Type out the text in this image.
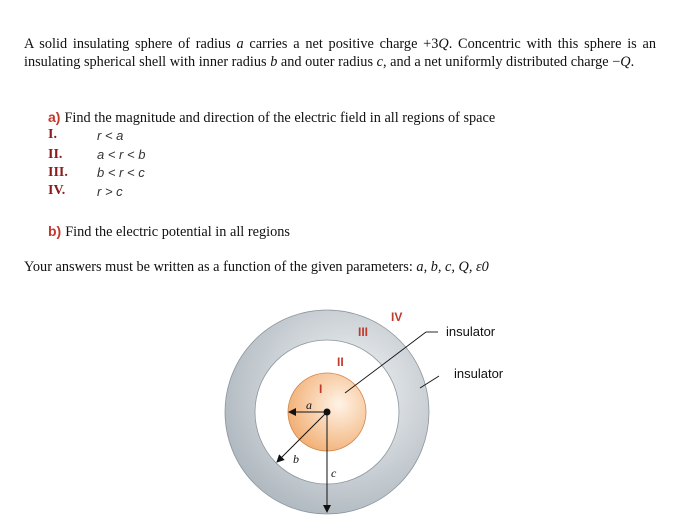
A solid insulating sphere of radius a carries a net positive charge +3Q. Concentric with this sphere is an insulating spherical shell with inner radius b and outer radius c, and a net uniformly distributed charge −Q.

a) Find the magnitude and direction of the electric field in all regions of space
I.	r < a
II.	a < r < b
III. b < r < c
IV. r > c
b) Find the electric potential in all regions
Your answers must be written as a function of the given parameters: a, b, c, Q, ε0
I
II
III
IV
a
b
c
insulator
insulator
